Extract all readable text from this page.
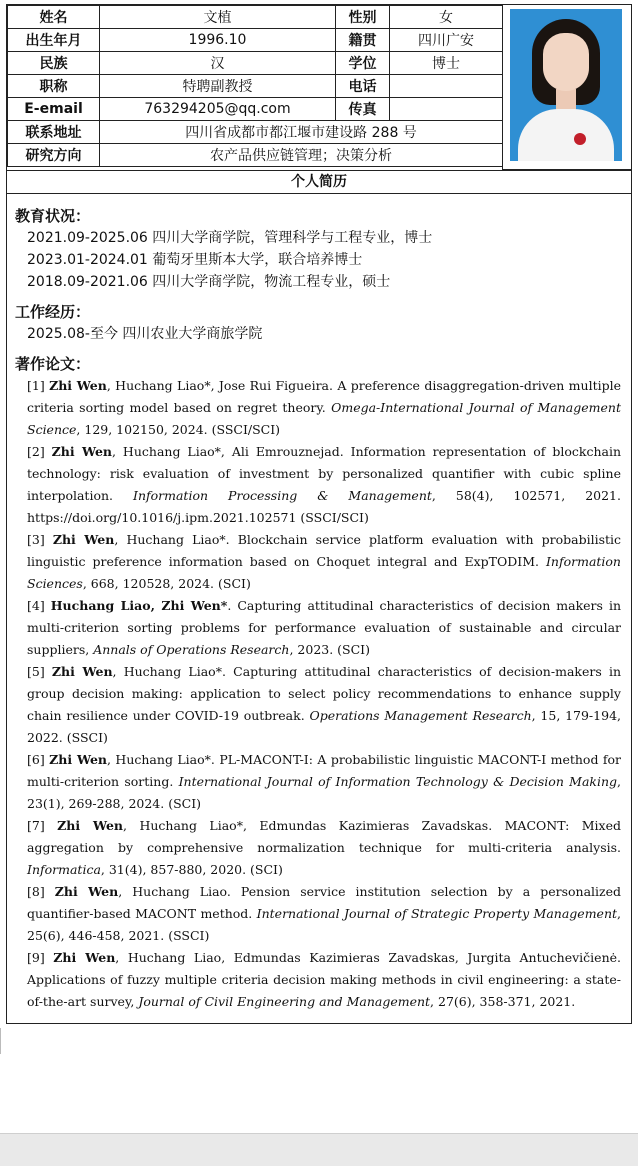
姓名	文植	性别	女
出生年月	1996.10	籍贯	四川广安
民族	汉	学位	博士
职称	特聘副教授	电话	
E-email	763294205@qq.com	传真	
联系地址	四川省成都市都江堰市建设路 288 号		
研究方向	农产品供应链管理；决策分析		
个人简历
教育状况：
2021.09-2025.06 四川大学商学院，管理科学与工程专业，博士
2023.01-2024.01 葡萄牙里斯本大学，联合培养博士
2018.09-2021.06 四川大学商学院，物流工程专业，硕士
工作经历：
2025.08-至今 四川农业大学商旅学院
著作论文：
[1] Zhi Wen, Huchang Liao*, Jose Rui Figueira. A preference disaggregation-driven multiple criteria sorting model based on regret theory. Omega-International Journal of Management Science, 129, 102150, 2024. (SSCI/SCI)
[2] Zhi Wen, Huchang Liao*, Ali Emrouznejad. Information representation of blockchain technology: risk evaluation of investment by personalized quantifier with cubic spline interpolation. Information Processing & Management, 58(4), 102571, 2021. https://doi.org/10.1016/j.ipm.2021.102571 (SSCI/SCI)
[3] Zhi Wen, Huchang Liao*. Blockchain service platform evaluation with probabilistic linguistic preference information based on Choquet integral and ExpTODIM. Information Sciences, 668, 120528, 2024. (SCI)
[4] Huchang Liao, Zhi Wen*. Capturing attitudinal characteristics of decision makers in multi-criterion sorting problems for performance evaluation of sustainable and circular suppliers, Annals of Operations Research, 2023. (SCI)
[5] Zhi Wen, Huchang Liao*. Capturing attitudinal characteristics of decision-makers in group decision making: application to select policy recommendations to enhance supply chain resilience under COVID-19 outbreak. Operations Management Research, 15, 179-194, 2022. (SSCI)
[6] Zhi Wen, Huchang Liao*. PL-MACONT-I: A probabilistic linguistic MACONT-I method for multi-criterion sorting. International Journal of Information Technology & Decision Making, 23(1), 269-288, 2024. (SCI)
[7] Zhi Wen, Huchang Liao*, Edmundas Kazimieras Zavadskas. MACONT: Mixed aggregation by comprehensive normalization technique for multi-criteria analysis. Informatica, 31(4), 857-880, 2020. (SCI)
[8] Zhi Wen, Huchang Liao. Pension service institution selection by a personalized quantifier-based MACONT method. International Journal of Strategic Property Management, 25(6), 446-458, 2021. (SSCI)
[9] Zhi Wen, Huchang Liao, Edmundas Kazimieras Zavadskas, Jurgita Antuchevičienė. Applications of fuzzy multiple criteria decision making methods in civil engineering: a state-of-the-art survey, Journal of Civil Engineering and Management, 27(6), 358-371, 2021.
